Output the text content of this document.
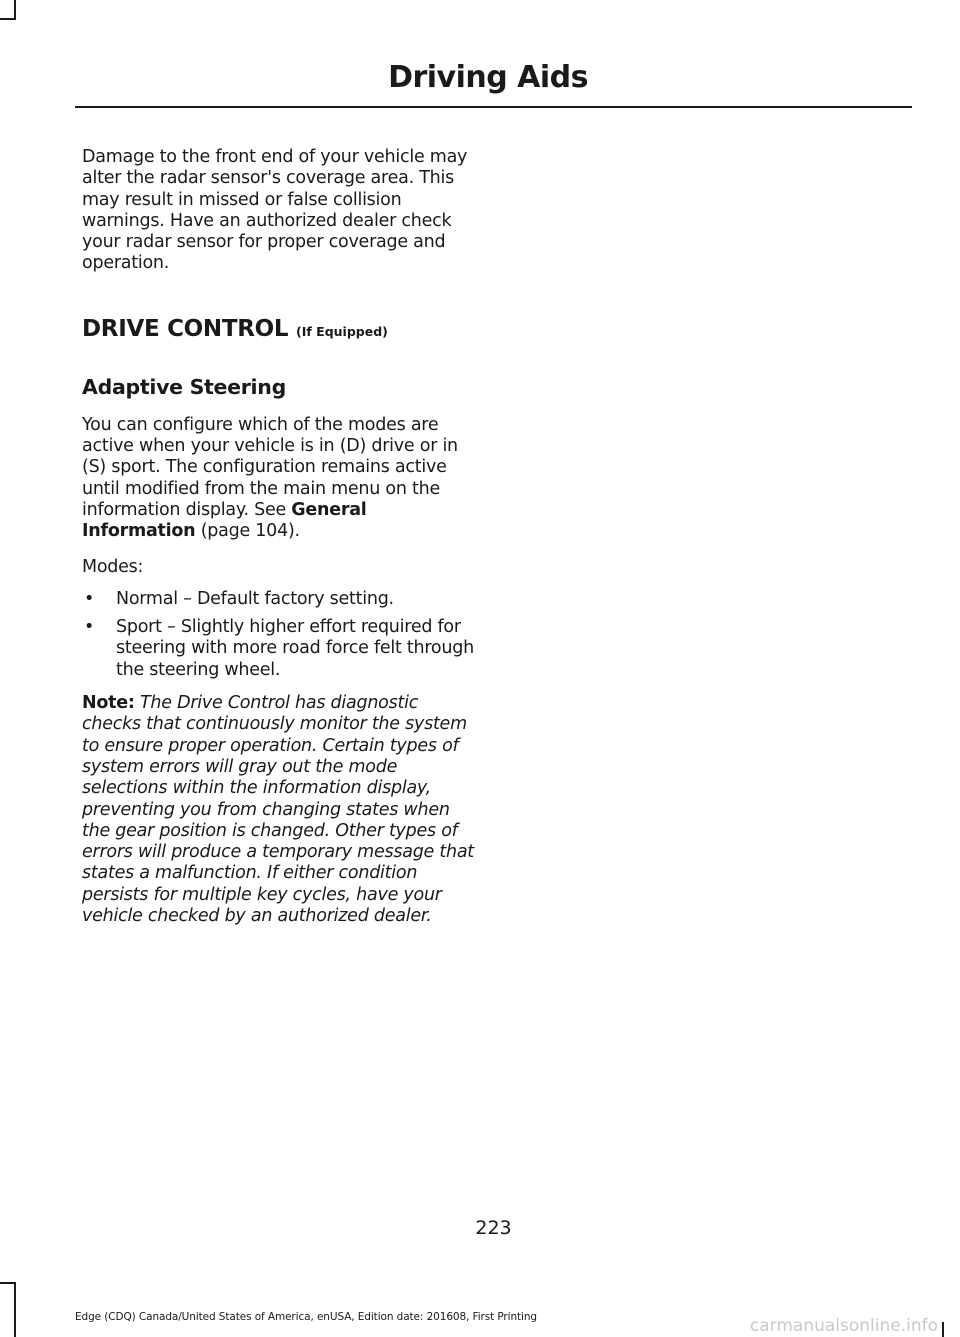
Driving Aids

Damage to the front end of your vehicle may alter the radar sensor's coverage area. This may result in missed or false collision warnings. Have an authorized dealer check your radar sensor for proper coverage and operation.

DRIVE CONTROL (If Equipped)
Adaptive Steering

You can configure which of the modes are active when your vehicle is in (D) drive or in (S) sport. The configuration remains active until modified from the main menu on the information display. See General Information (page 104).

Modes:

• Normal – Default factory setting.
• Sport – Slightly higher effort required for steering with more road force felt through the steering wheel.

Note: The Drive Control has diagnostic checks that continuously monitor the system to ensure proper operation. Certain types of system errors will gray out the mode selections within the information display, preventing you from changing states when the gear position is changed. Other types of errors will produce a temporary message that states a malfunction. If either condition persists for multiple key cycles, have your vehicle checked by an authorized dealer.

223
Edge (CDQ) Canada/United States of America, enUSA, Edition date: 201608, First Printing	carmanualsonline.info
